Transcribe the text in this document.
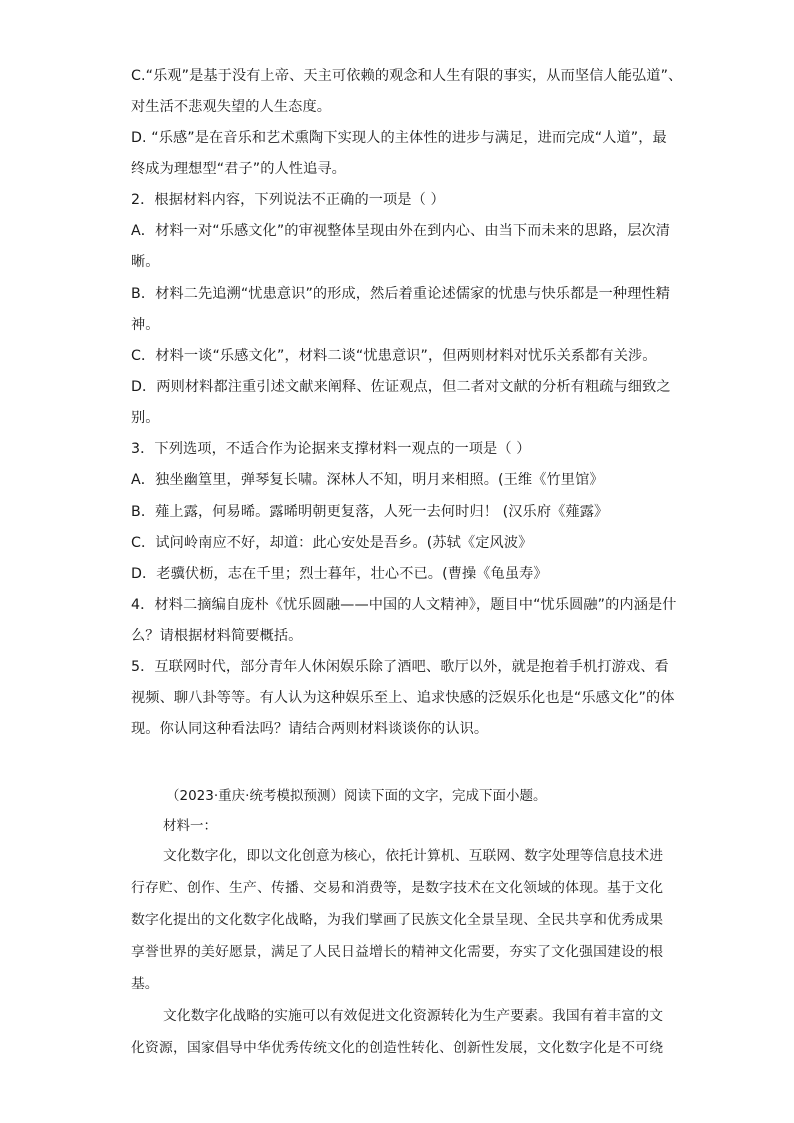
C.“乐观”是基于没有上帝、天主可依赖的观念和人生有限的事实，从而坚信人能弘道”、
对生活不悲观失望的人生态度。
D. “乐感”是在音乐和艺术熏陶下实现人的主体性的进步与满足，进而完成“人道”，最
终成为理想型“君子”的人性追寻。
2．根据材料内容，下列说法不正确的一项是（ ）
A．材料一对“乐感文化”的审视整体呈现由外在到内心、由当下而未来的思路，层次清
晰。
B．材料二先追溯“忧患意识”的形成，然后着重论述儒家的忧患与快乐都是一种理性精
神。
C．材料一谈“乐感文化”，材料二谈“忧患意识”，但两则材料对忧乐关系都有关涉。
D．两则材料都注重引述文献来阐释、佐证观点，但二者对文献的分析有粗疏与细致之
别。
3．下列选项，不适合作为论据来支撑材料一观点的一项是（ ）
A．独坐幽篁里，弹琴复长啸。深林人不知，明月来相照。(王维《竹里馆》
B．薤上露，何易晞。露晞明朝更复落，人死一去何时归！ (汉乐府《薤露》
C．试问岭南应不好，却道：此心安处是吾乡。(苏轼《定风波》
D．老骥伏枥，志在千里；烈士暮年，壮心不已。(曹操《龟虽寿》
4．材料二摘编自庞朴《忧乐圆融——中国的人文精神》，题目中“忧乐圆融”的内涵是什
么？请根据材料简要概括。
5．互联网时代，部分青年人休闲娱乐除了酒吧、歌厅以外，就是抱着手机打游戏、看
视频、聊八卦等等。有人认为这种娱乐至上、追求快感的泛娱乐化也是“乐感文化”的体
现。你认同这种看法吗？请结合两则材料谈谈你的认识。
（2023·重庆·统考模拟预测）阅读下面的文字，完成下面小题。
材料一：
文化数字化，即以文化创意为核心，依托计算机、互联网、数字处理等信息技术进
行存贮、创作、生产、传播、交易和消费等，是数字技术在文化领域的体现。基于文化
数字化提出的文化数字化战略，为我们擘画了民族文化全景呈现、全民共享和优秀成果
享誉世界的美好愿景，满足了人民日益增长的精神文化需要，夯实了文化强国建设的根
基。
文化数字化战略的实施可以有效促进文化资源转化为生产要素。我国有着丰富的文
化资源，国家倡导中华优秀传统文化的创造性转化、创新性发展，文化数字化是不可绕
